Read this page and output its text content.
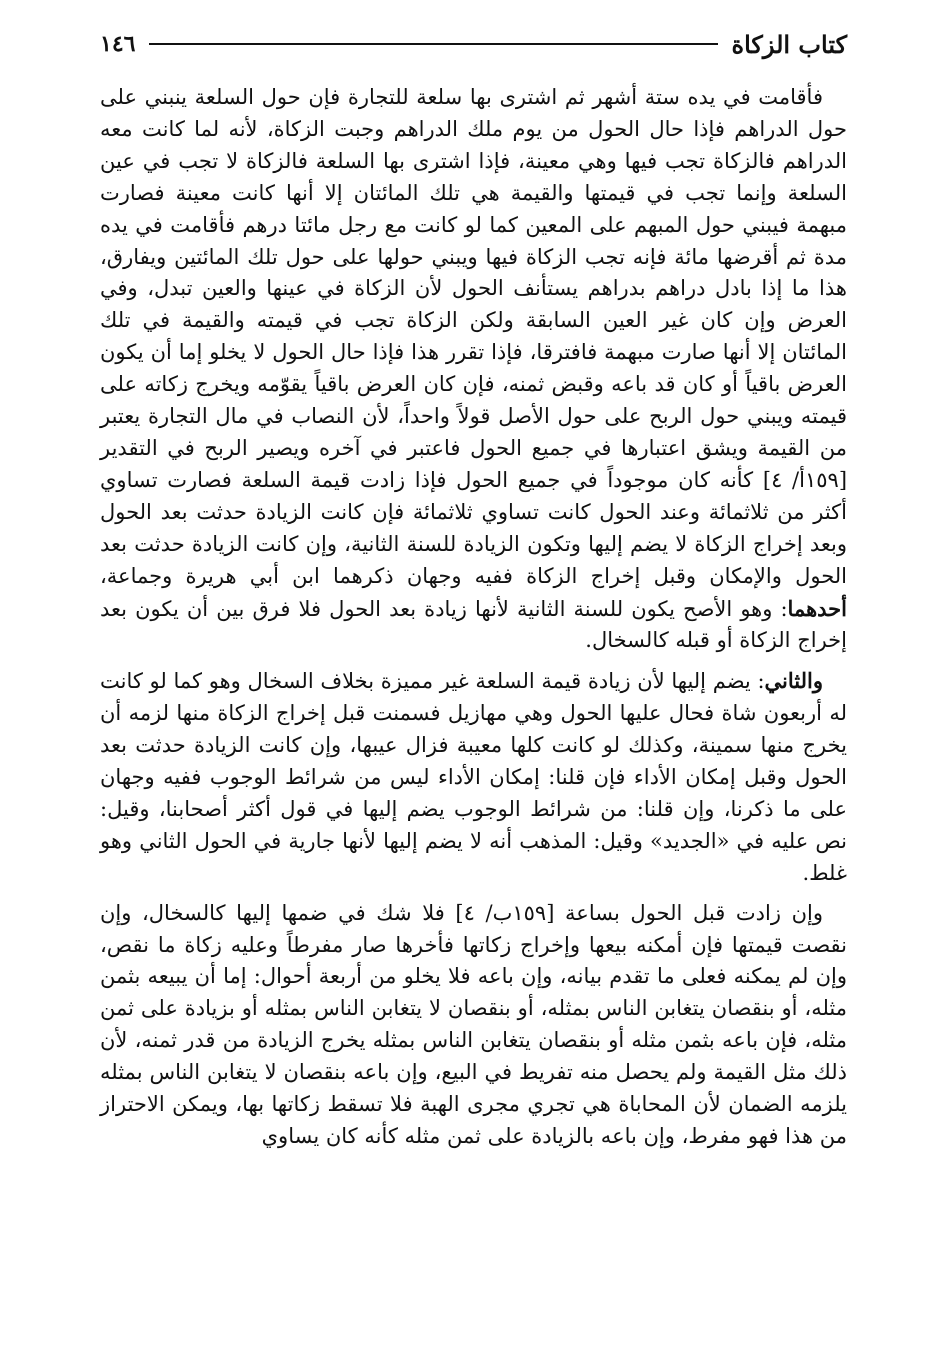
كتاب الزكاة
١٤٦

فأقامت في يده ستة أشهر ثم اشترى بها سلعة للتجارة فإن حول السلعة ينبني على حول الدراهم فإذا حال الحول من يوم ملك الدراهم وجبت الزكاة، لأنه لما كانت معه الدراهم فالزكاة تجب فيها وهي معينة، فإذا اشترى بها السلعة فالزكاة لا تجب في عين السلعة وإنما تجب في قيمتها والقيمة هي تلك المائتان إلا أنها كانت معينة فصارت مبهمة فيبني حول المبهم على المعين كما لو كانت مع رجل مائتا درهم فأقامت في يده مدة ثم أقرضها مائة فإنه تجب الزكاة فيها ويبني حولها على حول تلك المائتين ويفارق، هذا ما إذا بادل دراهم بدراهم يستأنف الحول لأن الزكاة في عينها والعين تبدل، وفي العرض وإن كان غير العين السابقة ولكن الزكاة تجب في قيمته والقيمة في تلك المائتان إلا أنها صارت مبهمة فافترقا، فإذا تقرر هذا فإذا حال الحول لا يخلو إما أن يكون العرض باقياً أو كان قد باعه وقبض ثمنه، فإن كان العرض باقياً يقوّمه ويخرج زكاته على قيمته ويبني حول الربح على حول الأصل قولاً واحداً، لأن النصاب في مال التجارة يعتبر من القيمة ويشق اعتبارها في جميع الحول فاعتبر في آخره ويصير الربح في التقدير [١٥٩أ/ ٤] كأنه كان موجوداً في جميع الحول فإذا زادت قيمة السلعة فصارت تساوي أكثر من ثلاثمائة وعند الحول كانت تساوي ثلاثمائة فإن كانت الزيادة حدثت بعد الحول وبعد إخراج الزكاة لا يضم إليها وتكون الزيادة للسنة الثانية، وإن كانت الزيادة حدثت بعد الحول والإمكان وقبل إخراج الزكاة ففيه وجهان ذكرهما ابن أبي هريرة وجماعة، أحدهما: وهو الأصح يكون للسنة الثانية لأنها زيادة بعد الحول فلا فرق بين أن يكون بعد إخراج الزكاة أو قبله كالسخال.

والثاني: يضم إليها لأن زيادة قيمة السلعة غير مميزة بخلاف السخال وهو كما لو كانت له أربعون شاة فحال عليها الحول وهي مهازيل فسمنت قبل إخراج الزكاة منها لزمه أن يخرج منها سمينة، وكذلك لو كانت كلها معيبة فزال عيبها، وإن كانت الزيادة حدثت بعد الحول وقبل إمكان الأداء فإن قلنا: إمكان الأداء ليس من شرائط الوجوب ففيه وجهان على ما ذكرنا، وإن قلنا: من شرائط الوجوب يضم إليها في قول أكثر أصحابنا، وقيل: نص عليه في «الجديد» وقيل: المذهب أنه لا يضم إليها لأنها جارية في الحول الثاني وهو غلط.

وإن زادت قبل الحول بساعة [١٥٩ب/ ٤] فلا شك في ضمها إليها كالسخال، وإن نقصت قيمتها فإن أمكنه بيعها وإخراج زكاتها فأخرها صار مفرطاً وعليه زكاة ما نقص، وإن لم يمكنه فعلى ما تقدم بيانه، وإن باعه فلا يخلو من أربعة أحوال: إما أن يبيعه بثمن مثله، أو بنقصان يتغابن الناس بمثله، أو بنقصان لا يتغابن الناس بمثله أو بزيادة على ثمن مثله، فإن باعه بثمن مثله أو بنقصان يتغابن الناس بمثله يخرج الزيادة من قدر ثمنه، لأن ذلك مثل القيمة ولم يحصل منه تفريط في البيع، وإن باعه بنقصان لا يتغابن الناس بمثله يلزمه الضمان لأن المحاباة هي تجري مجرى الهبة فلا تسقط زكاتها بها، ويمكن الاحتراز من هذا فهو مفرط، وإن باعه بالزيادة على ثمن مثله كأنه كان يساوي
